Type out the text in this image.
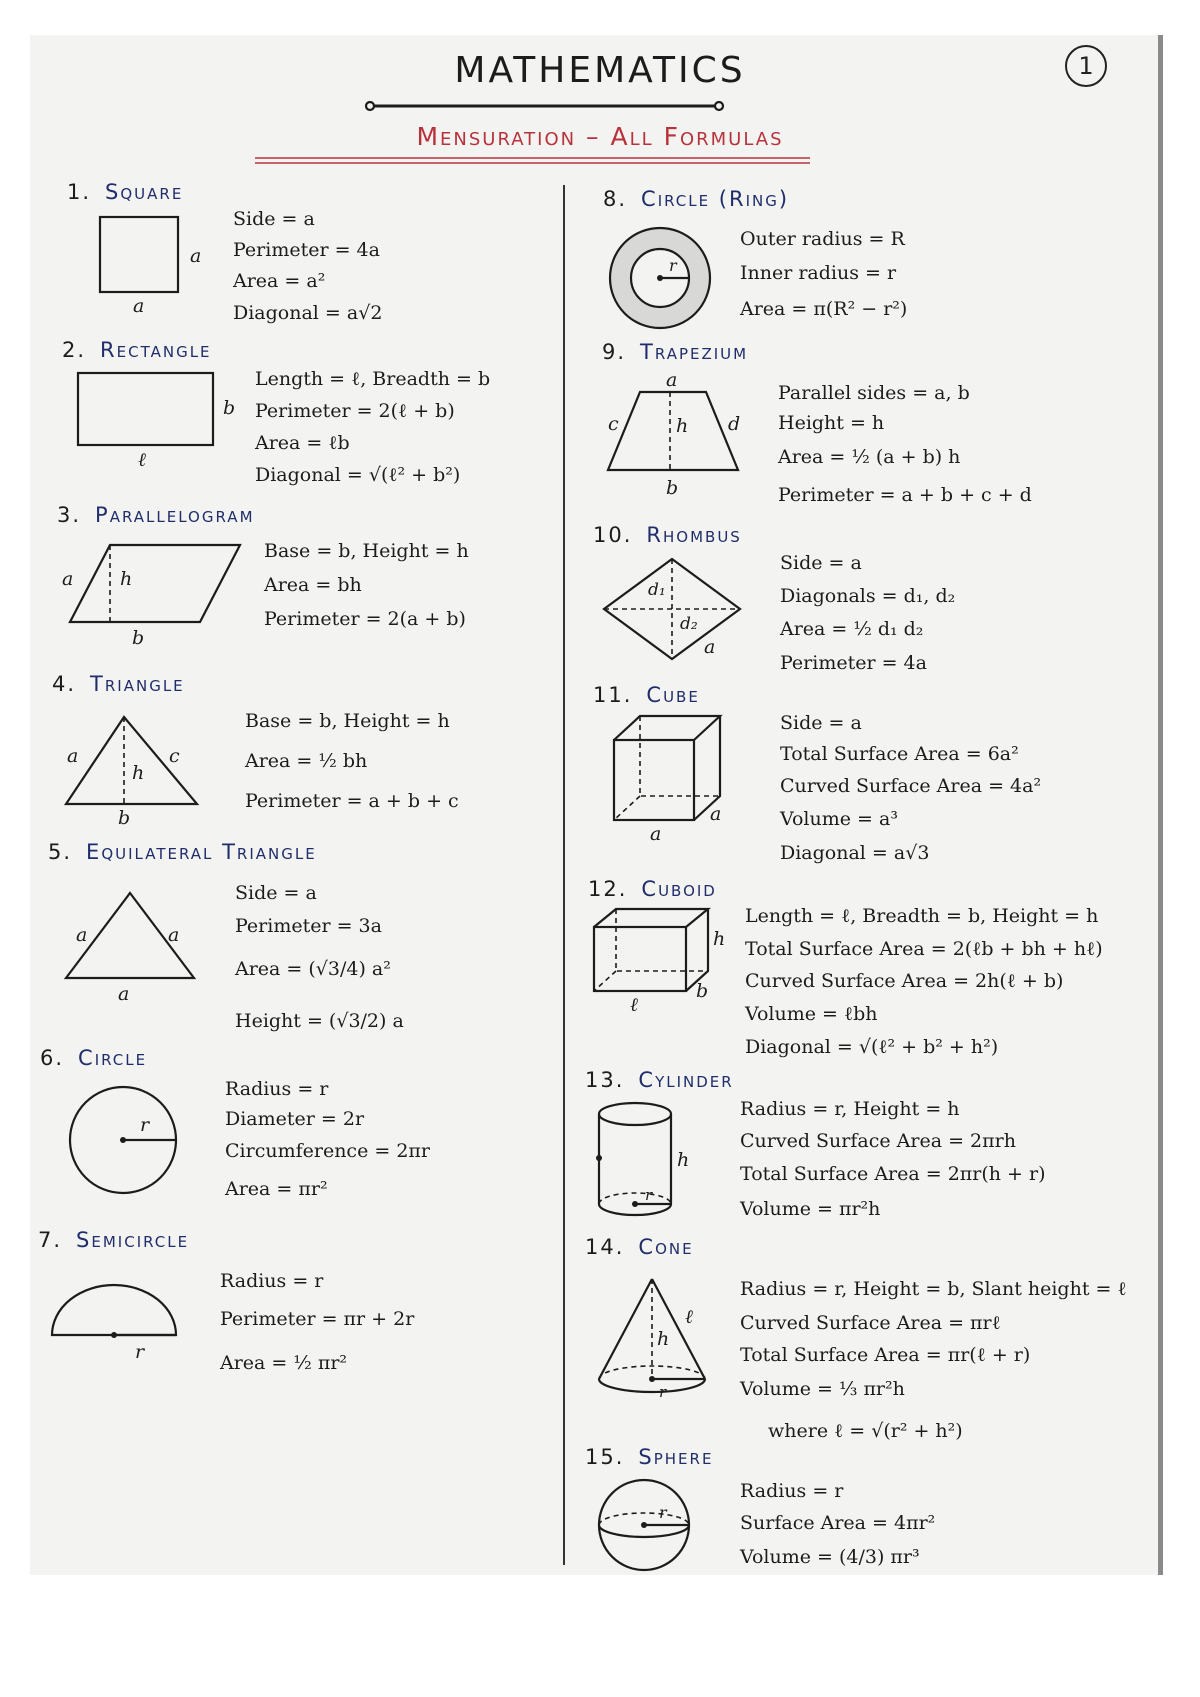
MATHEMATICS	1
Mensuration – All Formulas
1. Square
a
a
Side = a
Perimeter = 4a
Area = a²
Diagonal = a√2
2. Rectangle
b
ℓ
Length = ℓ, Breadth = b
Perimeter = 2(ℓ + b)
Area = ℓb
Diagonal = √(ℓ² + b²)
3. Parallelogram
a h
b
Base = b, Height = h
Area = bh
Perimeter = 2(a + b)
4. Triangle
a	c
h
b
Base = b, Height = h
Area = ½ bh
Perimeter = a + b + c
5. Equilateral Triangle
a	a
a
Side = a
Perimeter = 3a
Area = (√3/4) a²
Height = (√3/2) a
6. Circle
r
Radius = r
Diameter = 2r
Circumference = 2πr
Area = πr²
7. Semicircle
r
Radius = r
Perimeter = πr + 2r
Area = ½ πr²
8. Circle (Ring)
r
Outer radius = R
Inner radius = r
Area = π(R² − r²)
9. Trapezium
a
c	h d
b
Parallel sides = a, b
Height = h
Area = ½ (a + b) h
Perimeter = a + b + c + d
10. Rhombus
d₁
d₂
a
Side = a
Diagonals = d₁, d₂
Area = ½ d₁ d₂
Perimeter = 4a
11. Cube
a
a
Side = a
Total Surface Area = 6a²
Curved Surface Area = 4a²
Volume = a³
Diagonal = a√3
12. Cuboid
h
b
ℓ
Length = ℓ, Breadth = b, Height = h
Total Surface Area = 2(ℓb + bh + hℓ)
Curved Surface Area = 2h(ℓ + b)
Volume = ℓbh
Diagonal = √(ℓ² + b² + h²)
13. Cylinder
h
r
Radius = r, Height = h
Curved Surface Area = 2πrh
Total Surface Area = 2πr(h + r)
Volume = πr²h
14. Cone
h
ℓ
r
Radius = r, Height = b, Slant height = ℓ
Curved Surface Area = πrℓ
Total Surface Area = πr(ℓ + r)
Volume = ⅓ πr²h
where ℓ = √(r² + h²)
15. Sphere
r
Radius = r
Surface Area = 4πr²
Volume = (4/3) πr³
